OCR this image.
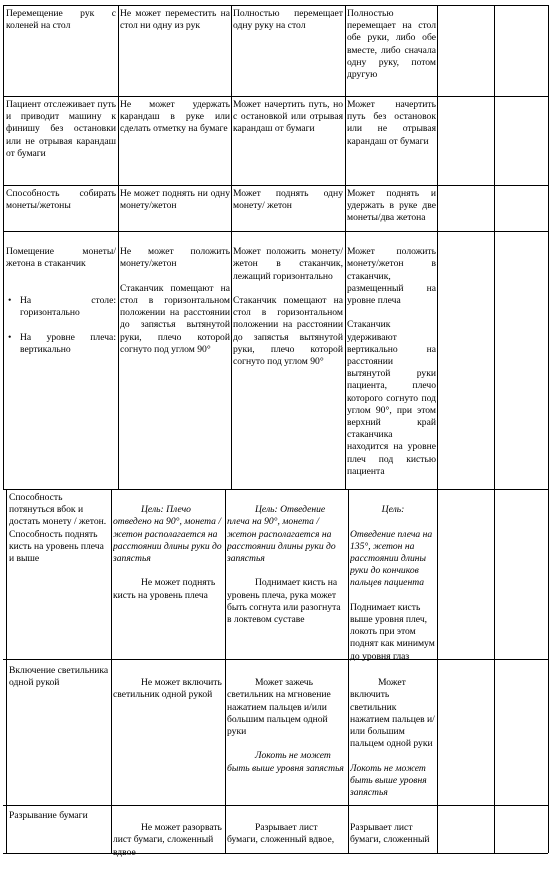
Перемещение рук с коленей на стол
Не может переместить на стол ни одну из рук
Полностью перемещает одну руку на стол
Полностью перемещает на стол обе руки, либо обе вместе, либо сначала одну руку, потом другую
Пациент отслеживает путь и приводит машину к финишу без остановки или не отрывая карандаш от бумаги
Не может удержать карандаш в руке или сделать отметку на бумаге
Может начертить путь, но с остановкой или отрывая карандаш от бумаги
Может начертить путь без остановок или не отрывая карандаш от бумаги
Способность собирать монеты/жетоны
Не может поднять ни одну монету/жетон
Может поднять одну монету/ жетон
Может поднять и удержать в руке две монеты/два жетона

Помещение монеты/жетона в стаканчик

• На столе: горизонтально

• На уровне плеча: вертикально

Не может положить монету/жетон

Стаканчик помещают на стол в горизонтальном положении на расстоянии до запястья вытянутой руки, плечо которой согнуто под углом 90°

Может положить монету/жетон в стаканчик, лежащий горизонтально

Стаканчик помещают на стол в горизонтальном положении на расстоянии до запястья вытянутой руки, плечо которой согнуто под углом 90°

Может положить монету/жетон в стаканчик, размещенный на уровне плеча

Стаканчик удерживают вертикально на расстоянии вытянутой руки пациента, плечо которого согнуто под углом 90°, при этом верхний край стаканчика находится на уровне плеч под кистью пациента

Способность потянуться вбок и достать монету / жетон.
Способность поднять кисть на уровень плеча и выше

Цель: Плечо отведено на 90°, монета / жетон располагается на расстоянии длины руки до запястья

Не может поднять кисть на уровень плеча

Цель: Отведение плеча на 90°, монета / жетон располагается на расстоянии длины руки до запястья

Поднимает кисть на уровень плеча, рука может быть согнута или разогнута в локтевом суставе

Цель:

Отведение плеча на 135°, жетон на расстоянии длины руки до кончиков пальцев пациента

Поднимает кисть выше уровня плеч, локоть при этом поднят как минимум до уровня глаз

Включение светильника одной рукой	Не может включить светильник одной рукой

Может зажечь светильник на мгновение нажатием пальцев и/или большим пальцем одной руки

Локоть не может быть выше уровня запястья

Может включить светильник нажатием пальцев и/или большим пальцем одной руки

Локоть не может быть выше уровня запястья

Разрывание бумаги

Не может разорвать лист бумаги, сложенный вдвое

Разрывает лист бумаги, сложенный вдвое,

Разрывает лист бумаги, сложенный
